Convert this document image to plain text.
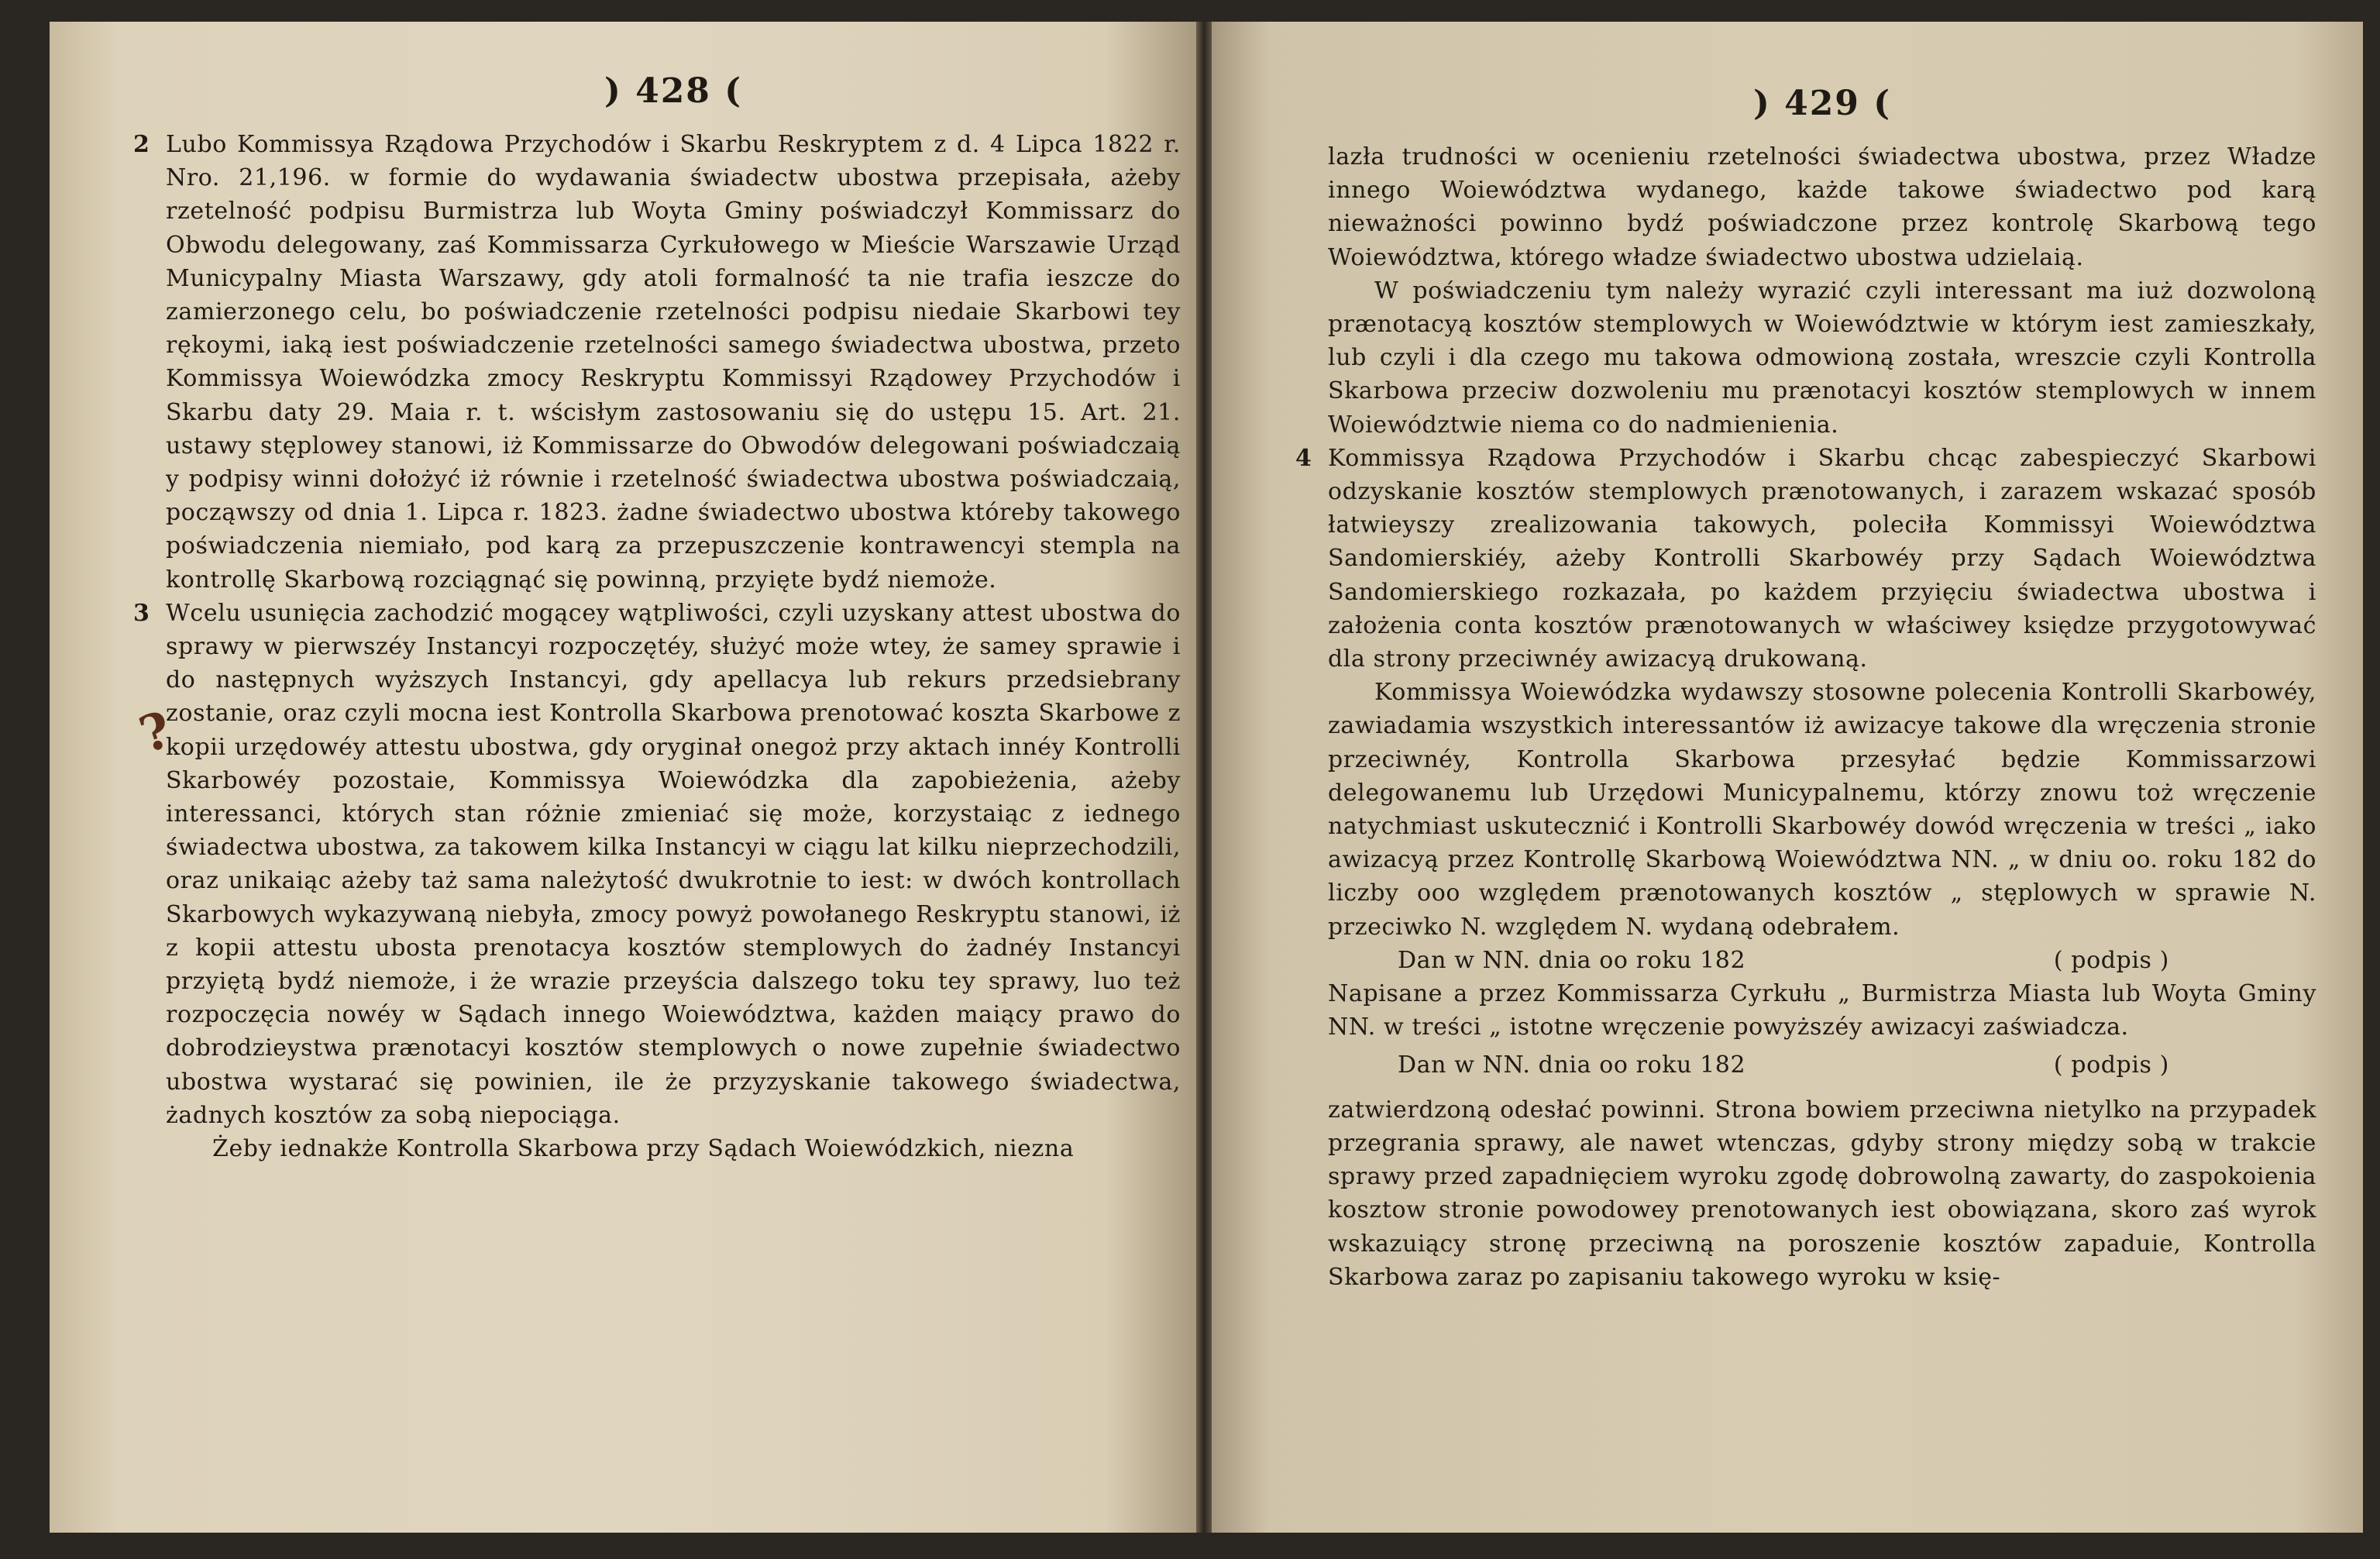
) 428 (

2 Lubo Kommissya Rządowa Przychodów i Skarbu Reskryptem z d. 4 Lipca 1822 r. Nro. 21,196. w formie do wydawania świadectw ubostwa przepisała, ażeby rzetelność podpisu Burmistrza lub Woyta Gminy poświadczył Kommissarz do Obwodu delegowany, zaś Kommissarza Cyrkułowego w Mieście Warszawie Urząd Municypalny Miasta Warszawy, gdy atoli formalność ta nie trafia ieszcze do zamierzonego celu, bo poświadczenie rzetelności podpisu niedaie Skarbowi tey rękoymi, iaką iest poświadczenie rzetelności samego świadectwa ubostwa, przeto Kommissya Woiewódzka zmocy Reskryptu Kommissyi Rządowey Przychodów i Skarbu daty 29. Maia r. t. wścisłym zastosowaniu się do ustępu 15. Art. 21. ustawy stęplowey stanowi, iż Kommissarze do Obwodów delegowani poświadczaią y podpisy winni dołożyć iż równie i rzetelność świadectwa ubostwa poświadczaią, począwszy od dnia 1. Lipca r. 1823. żadne świadectwo ubostwa któreby takowego poświadczenia niemiało, pod karą za przepuszczenie kontrawencyi stempla na kontrollę Skarbową rozciągnąć się powinną, przyięte bydź niemoże.

3 Wcelu usunięcia zachodzić mogącey wątpliwości, czyli uzyskany attest ubostwa do sprawy w pierwszéy Instancyi rozpoczętéy, służyć może wtey, że samey sprawie i do następnych wyższych Instancyi, gdy apellacya lub rekurs przedsiebrany zostanie, oraz czyli mocna iest Kontrolla Skarbowa prenotować koszta Skarbowe z kopii urzędowéy attestu ubostwa, gdy oryginał onegoż przy aktach innéy Kontrolli Skarbowéy pozostaie, Kommissya Woiewódzka dla zapobieżenia, ażeby interessanci, których stan różnie zmieniać się może, korzystaiąc z iednego świadectwa ubostwa, za takowem kilka Instancyi w ciągu lat kilku nieprzechodzili, oraz unikaiąc ażeby taż sama należytość dwukrotnie to iest: w dwóch kontrollach Skarbowych wykazywaną niebyła, zmocy powyż powołanego Reskryptu stanowi, iż z kopii attestu ubosta prenotacya kosztów stemplowych do żadnéy Instancyi przyiętą bydź niemoże, i że wrazie przeyścia dalszego toku tey sprawy, luo też rozpoczęcia nowéy w Sądach innego Woiewództwa, każden maiący prawo do dobrodzieystwa prænotacyi kosztów stemplowych o nowe zupełnie świadectwo ubostwa wystarać się powinien, ile że przyzyskanie takowego świadectwa, żadnych kosztów za sobą niepociąga.

Żeby iednakże Kontrolla Skarbowa przy Sądach Woiewódzkich, niezna

?
) 429 (

lazła trudności w ocenieniu rzetelności świadectwa ubostwa, przez Władze innego Woiewództwa wydanego, każde takowe świadectwo pod karą nieważności powinno bydź poświadczone przez kontrolę Skarbową tego Woiewództwa, którego władze świadectwo ubostwa udzielaią.

W poświadczeniu tym należy wyrazić czyli interessant ma iuż dozwoloną prænotacyą kosztów stemplowych w Woiewództwie w którym iest zamieszkały, lub czyli i dla czego mu takowa odmowioną została, wreszcie czyli Kontrolla Skarbowa przeciw dozwoleniu mu prænotacyi kosztów stemplowych w innem Woiewództwie niema co do nadmienienia.

4 Kommissya Rządowa Przychodów i Skarbu chcąc zabespieczyć Skarbowi odzyskanie kosztów stemplowych prænotowanych, i zarazem wskazać sposób łatwieyszy zrealizowania takowych, poleciła Kommissyi Woiewództwa Sandomierskiéy, ażeby Kontrolli Skarbowéy przy Sądach Woiewództwa Sandomierskiego rozkazała, po każdem przyięciu świadectwa ubostwa i założenia conta kosztów prænotowanych w właściwey księdze przygotowywać dla strony przeciwnéy awizacyą drukowaną.

Kommissya Woiewódzka wydawszy stosowne polecenia Kontrolli Skarbowéy, zawiadamia wszystkich interessantów iż awizacye takowe dla wręczenia stronie przeciwnéy, Kontrolla Skarbowa przesyłać będzie Kommissarzowi delegowanemu lub Urzędowi Municypalnemu, którzy znowu toż wręczenie natychmiast uskutecznić i Kontrolli Skarbowéy dowód wręczenia w treści „ iako awizacyą przez Kontrollę Skarbową Woiewództwa NN. „ w dniu oo. roku 182 do liczby ooo względem prænotowanych kosztów „ stęplowych w sprawie N. przeciwko N. względem N. wydaną odebrałem.

Dan w NN. dnia oo roku 182	( podpis )

Napisane a przez Kommissarza Cyrkułu „ Burmistrza Miasta lub Woyta Gminy NN. w treści „ istotne wręczenie powyższéy awizacyi zaświadcza.

Dan w NN. dnia oo roku 182	( podpis )

zatwierdzoną odesłać powinni. Strona bowiem przeciwna nietylko na przypadek przegrania sprawy, ale nawet wtenczas, gdyby strony między sobą w trakcie sprawy przed zapadnięciem wyroku zgodę dobrowolną zawarty, do zaspokoienia kosztow stronie powodowey prenotowanych iest obowiązana, skoro zaś wyrok wskazuiący stronę przeciwną na poroszenie kosztów zapaduie, Kontrolla Skarbowa zaraz po zapisaniu takowego wyroku w księ-
